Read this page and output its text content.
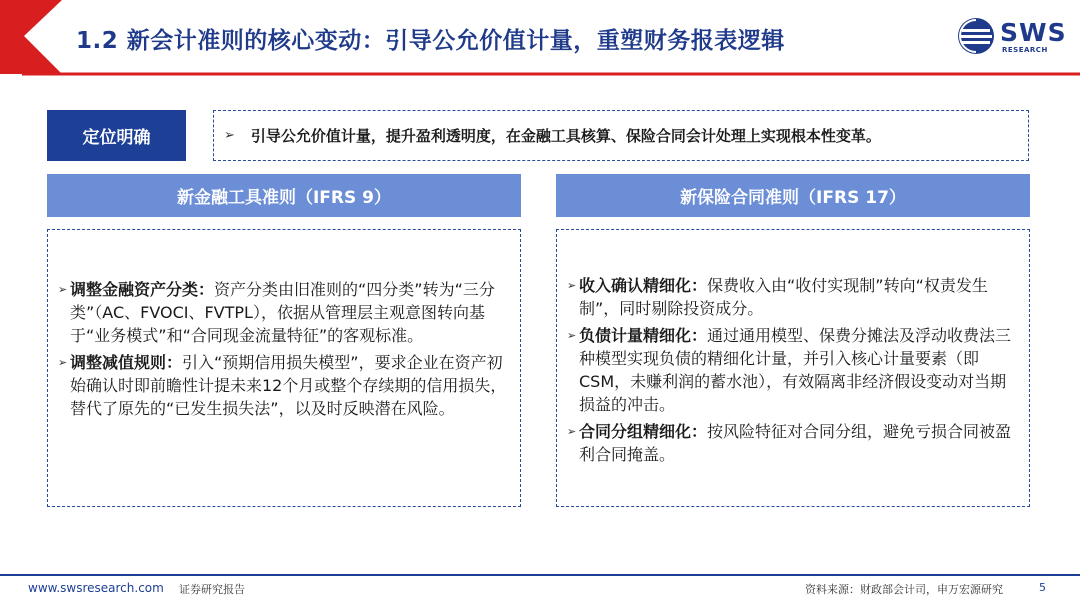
1.2 新会计准则的核心变动：引导公允价值计量，重塑财务报表逻辑	SWS
RESEARCH
定位明确	➢ 引导公允价值计量，提升盈利透明度，在金融工具核算、保险合同会计处理上实现根本性变革。
新金融工具准则（IFRS 9）	新保险合同准则（IFRS 17）
➢ 调整金融资产分类：资产分类由旧准则的“四分类”转为“三分类”（AC、FVOCI、FVTPL），依据从管理层主观意图转向基于“业务模式”和“合同现金流量特征”的客观标准。
➢ 调整减值规则：引入“预期信用损失模型”，要求企业在资产初始确认时即前瞻性计提未来12个月或整个存续期的信用损失，替代了原先的“已发生损失法”，以及时反映潜在风险。
➢ 收入确认精细化：保费收入由“收付实现制”转向“权责发生制”，同时剔除投资成分。
➢ 负债计量精细化：通过通用模型、保费分摊法及浮动收费法三种模型实现负债的精细化计量，并引入核心计量要素（即CSM，未赚利润的蓄水池），有效隔离非经济假设变动对当期损益的冲击。
➢ 合同分组精细化：按风险特征对合同分组，避免亏损合同被盈利合同掩盖。
www.swsresearch.com 证券研究报告	资料来源：财政部会计司，申万宏源研究	5
